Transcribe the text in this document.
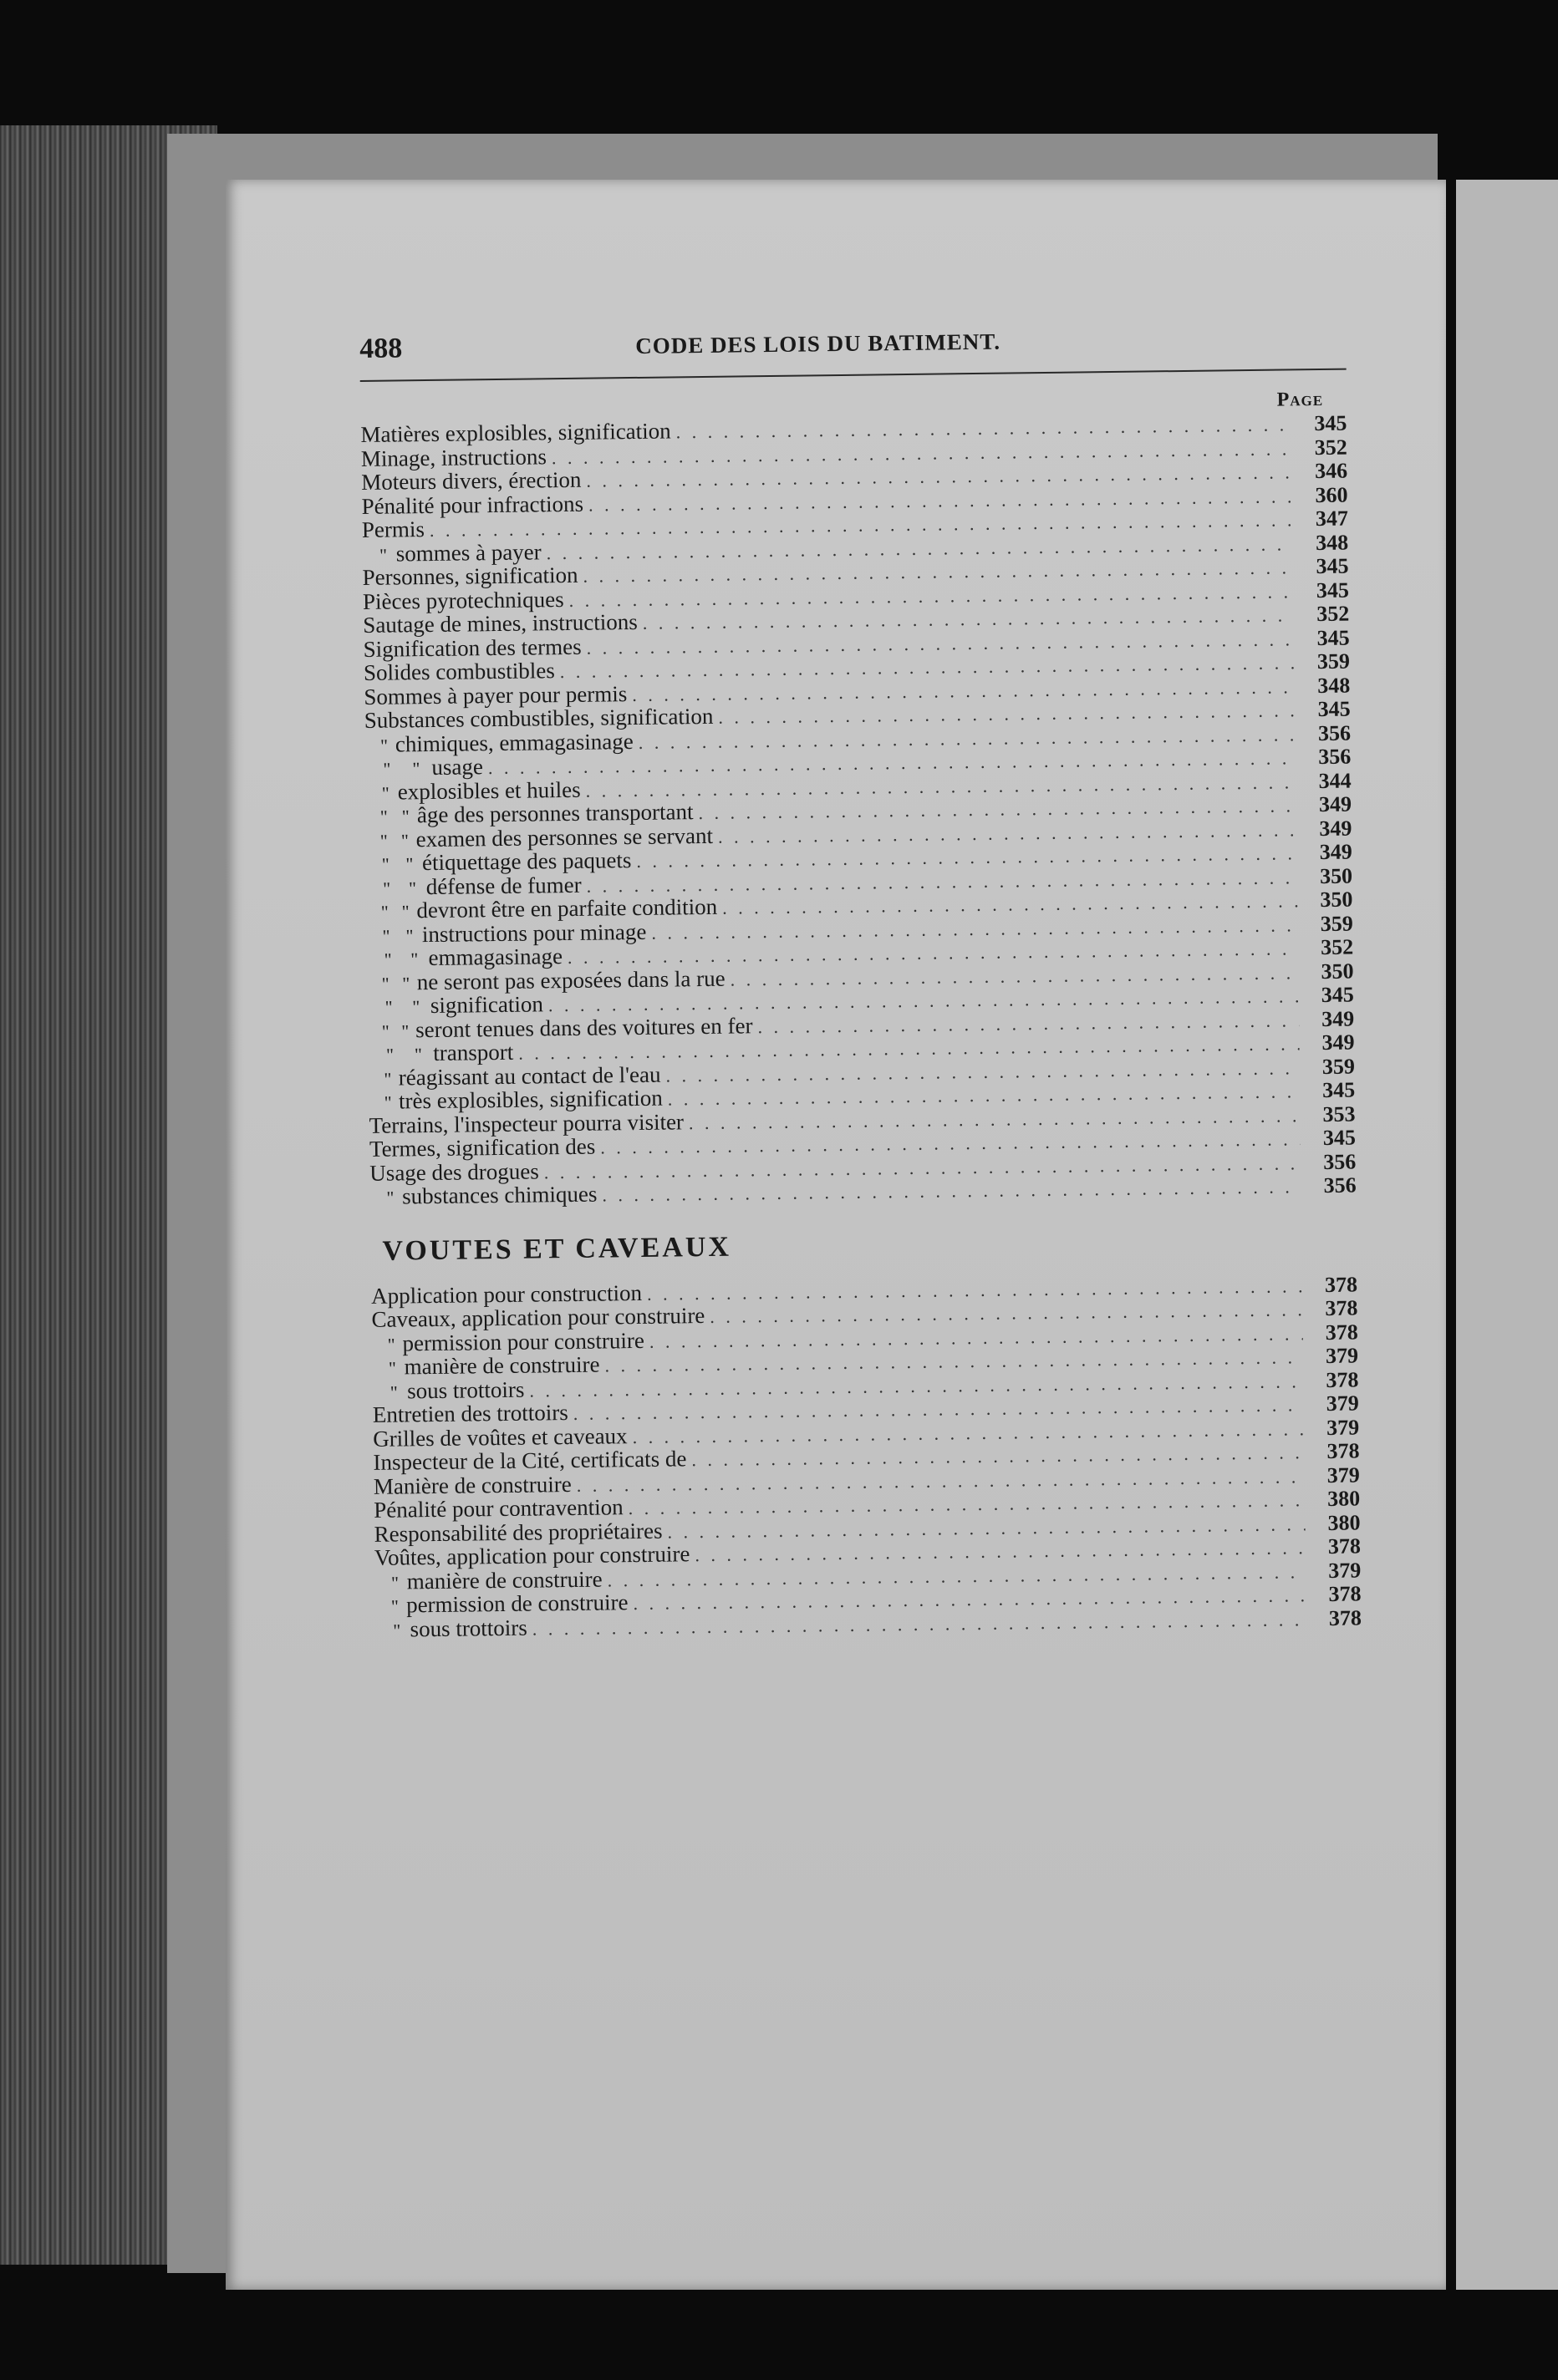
488	CODE DES LOIS DU BATIMENT.
Page
Matières explosibles, signification . . .	345
Minage, instructions . . .	352
Moteurs divers, érection . . .	346
Pénalité pour infractions . . .	360
Permis . . .	347
" sommes à payer . . .	348
Personnes, signification . . .	345
Pièces pyrotechniques . . .	345
Sautage de mines, instructions . . .	352
Signification des termes . . .	345
Solides combustibles . . .	359
Sommes à payer pour permis . . .	348
Substances combustibles, signification . . .	345
" chimiques, emmagasinage . . .	356
"	" usage . . .	356
" explosibles et huiles . . .	344
" " âge des personnes transportant . . .	349
" " examen des personnes se servant . . .	349
" " étiquettage des paquets . . .	349
" " défense de fumer . . .	350
" " devront être en parfaite condition . . .	350
" " instructions pour minage . . .	359
"	" emmagasinage . . .	352
" " ne seront pas exposées dans la rue . . .	350
"	" signification . . .	345
" " seront tenues dans des voitures en fer . . .	349
"	" transport . . .	349
" réagissant au contact de l'eau . . .	359
" très explosibles, signification . . .	345
Terrains, l'inspecteur pourra visiter . . .	353
Termes, signification des . . .	345
Usage des drogues . . .	356
" substances chimiques . . .	356
VOUTES ET CAVEAUX
Application pour construction . . .	378
Caveaux, application pour construire . . .	378
" permission pour construire . . .	378
" manière de construire . . .	379
" sous trottoirs . . .	378
Entretien des trottoirs . . .	379
Grilles de voûtes et caveaux . . .	379
Inspecteur de la Cité, certificats de . . .	378
Manière de construire . . .	379
Pénalité pour contravention . . .	380
Responsabilité des propriétaires . . .	380
Voûtes, application pour construire . . .	378
" manière de construire . . .	379
" permission de construire . . .	378
" sous trottoirs . . .	378
